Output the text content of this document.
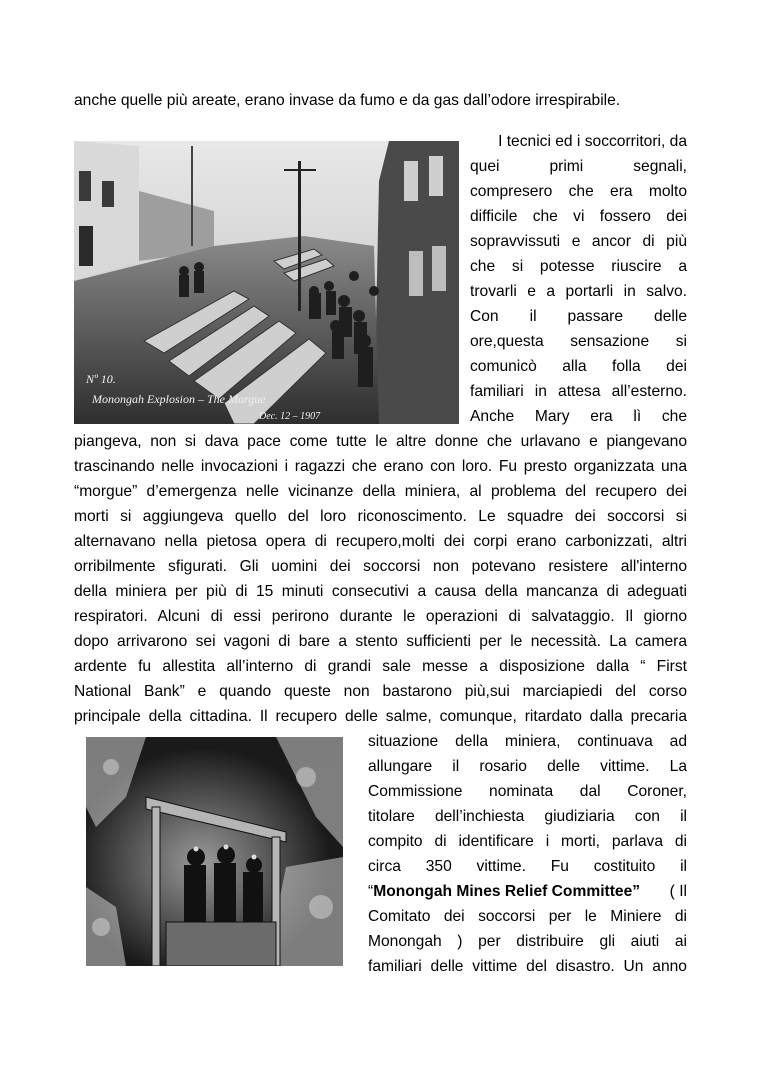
anche quelle più areate, erano invase da fumo e da gas dall’odore irrespirabile.
Nº 10.
Monongah Explosion – The Morgue
Dec. 12 – 1907
I tecnici ed i soccorritori, da
quei	primi	segnali,
compresero che era molto
difficile che vi fossero dei
sopravvissuti e ancor di più
che si potesse riuscire a
trovarli e a portarli in salvo.
Con il passare delle
ore,questa sensazione si
comunicò alla folla dei
familiari in attesa all’esterno.
Anche Mary era lì che
piangeva, non si dava pace come tutte le altre donne che urlavano e piangevano
trascinando nelle invocazioni i ragazzi che erano con loro. Fu presto organizzata una
“morgue” d’emergenza nelle vicinanze della miniera, al problema del recupero dei
morti si aggiungeva quello del loro riconoscimento. Le squadre dei soccorsi si
alternavano nella pietosa opera di recupero,molti dei corpi erano carbonizzati, altri
orribilmente sfigurati. Gli uomini dei soccorsi non potevano resistere all'interno
della miniera per più di 15 minuti consecutivi a causa della mancanza di adeguati
respiratori. Alcuni di essi perirono durante le operazioni di salvataggio. Il giorno
dopo arrivarono sei vagoni di bare a stento sufficienti per le necessità. La camera
ardente fu allestita all’interno di grandi sale messe a disposizione dalla “ First
National Bank” e quando queste non bastarono più,sui marciapiedi del corso
principale della cittadina. Il recupero delle salme, comunque, ritardato dalla precaria
situazione della miniera, continuava ad
allungare il rosario delle vittime. La
Commissione nominata dal Coroner,
titolare dell’inchiesta giudiziaria con il
compito di identificare i morti, parlava di
circa 350 vittime. Fu costituito il
“Monongah Mines Relief Committee” ( Il
Comitato dei soccorsi per le Miniere di
Monongah ) per distribuire gli aiuti ai
familiari delle vittime del disastro. Un anno
